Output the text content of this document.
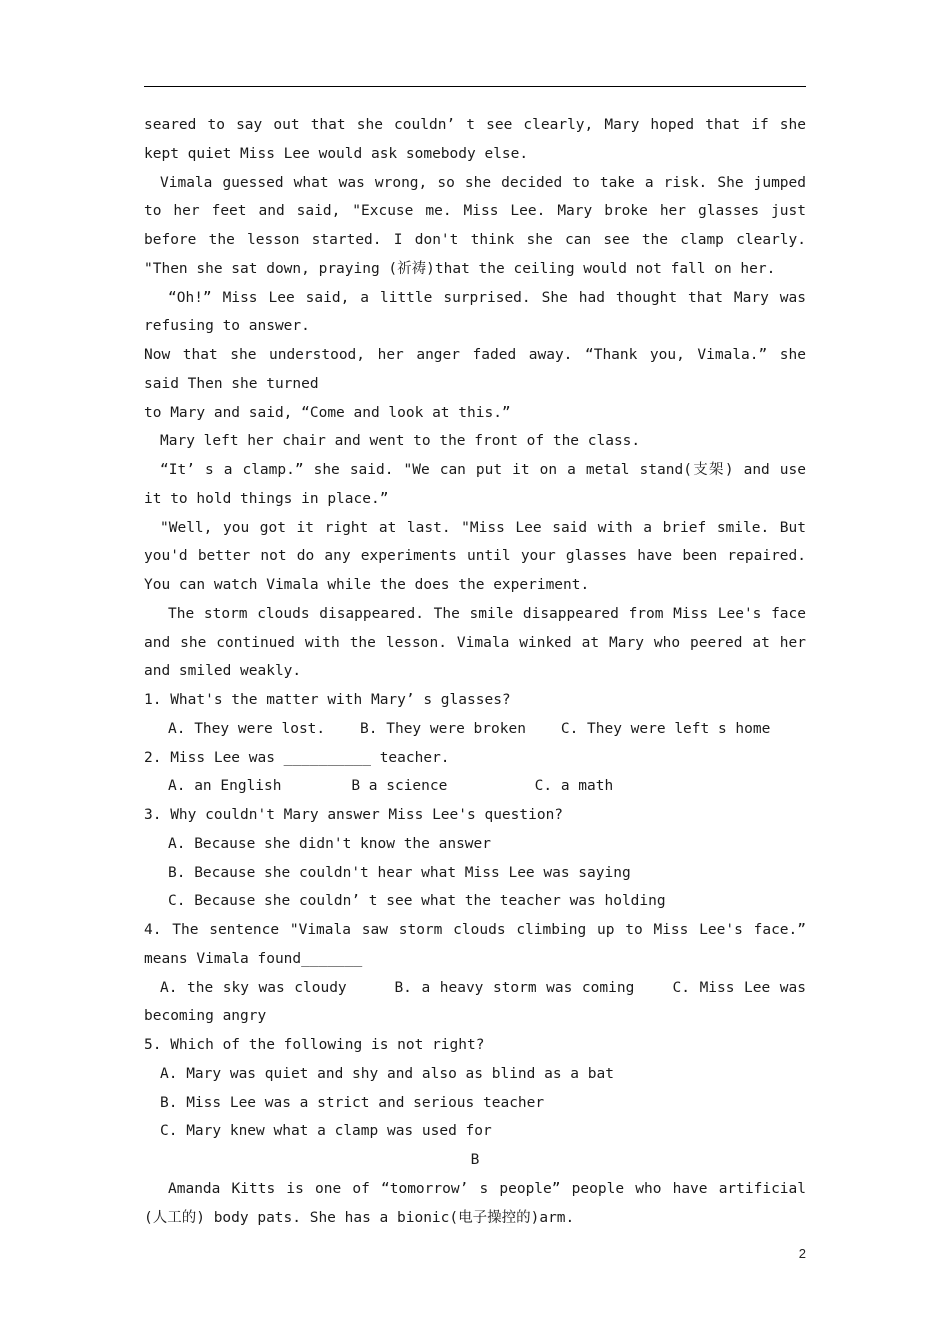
seared to say out that she couldn’ t see clearly, Mary hoped that if she kept quiet Miss Lee would ask somebody else.

Vimala guessed what was wrong, so she decided to take a risk. She jumped to her feet and said, "Excuse me. Miss Lee. Mary broke her glasses just before the lesson started. I don't think she can see the clamp clearly. "Then she sat down, praying (祈祷)that the ceiling would not fall on her.

“Oh!” Miss Lee said, a little surprised. She had thought that Mary was refusing to answer.

Now that she understood, her anger faded away. “Thank you, Vimala.” she said Then she turned

to Mary and said, “Come and look at this.”

Mary left her chair and went to the front of the class.

“It’ s a clamp.” she said. "We can put it on a metal stand(支架) and use it to hold things in place.”

"Well, you got it right at last. "Miss Lee said with a brief smile. But you'd better not do any experiments until your glasses have been repaired. You can watch Vimala while the does the experiment.

The storm clouds disappeared. The smile disappeared from Miss Lee's face and she continued with the lesson. Vimala winked at Mary who peered at her and smiled weakly.

1. What's the matter with Mary’ s glasses?

A. They were lost.    B. They were broken    C. They were left s home

2. Miss Lee was __________ teacher.

A. an English        B a science          C. a math

3. Why couldn't Mary answer Miss Lee's question?

A. Because she didn't know the answer

B. Because she couldn't hear what Miss Lee was saying

C. Because she couldn’ t see what the teacher was holding

4. The sentence "Vimala saw storm clouds climbing up to Miss Lee's face.” means Vimala found_______

A. the sky was cloudy     B. a heavy storm was coming    C. Miss Lee was becoming angry

5. Which of the following is not right?

A. Mary was quiet and shy and also as blind as a bat

B. Miss Lee was a strict and serious teacher

C. Mary knew what a clamp was used for

B

Amanda Kitts is one of “tomorrow’ s people” people who have artificial (人工的) body pats. She has a bionic(电子操控的)arm.

2
